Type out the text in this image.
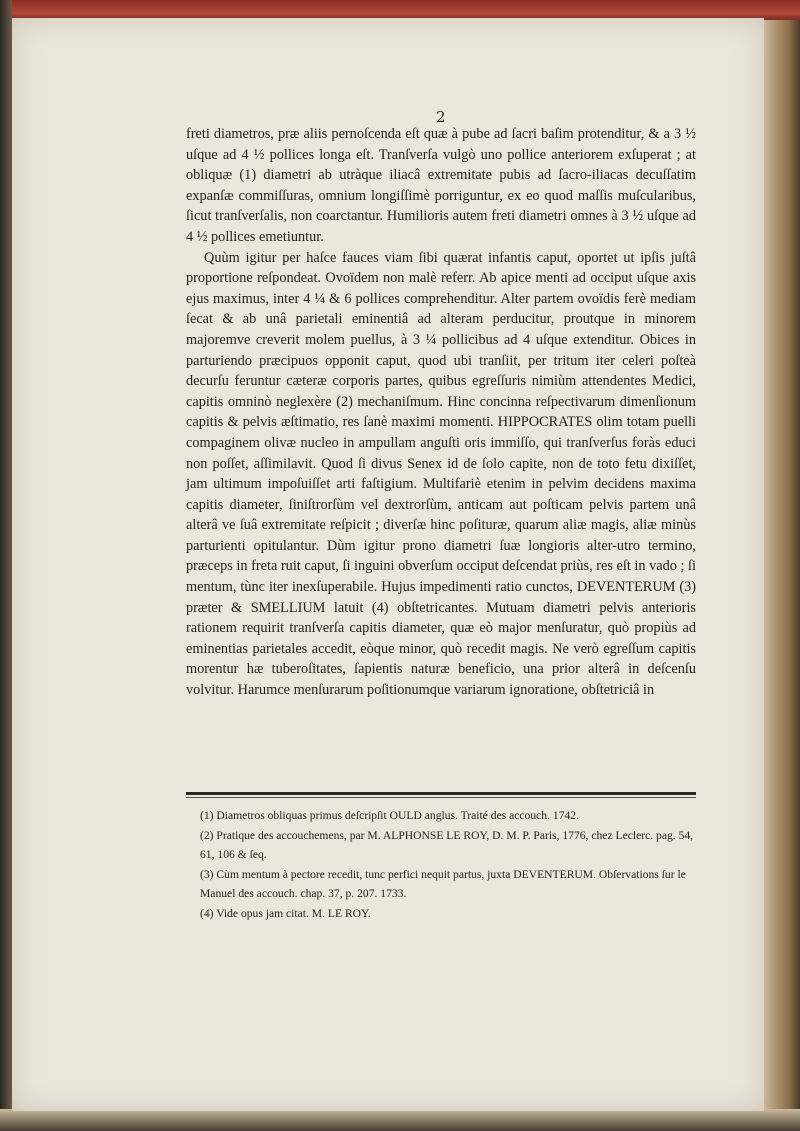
2

freti diametros, præ aliis pernoſcenda eſt quæ à pube ad ſacri baſim protenditur, & a 3 ½ uſque ad 4 ½ pollices longa eſt. Tranſverſa vulgò uno pollice anteriorem exſuperat ; at obliquæ (1) diametri ab utràque iliacâ extremitate pubis ad ſacro-iliacas decuſſatim expanſæ commiſſuras, omnium longiſſimè porriguntur, ex eo quod maſſis muſcularibus, ſicut tranſverſalis, non coarctantur. Humilioris autem freti diametri omnes à 3 ½ uſque ad 4 ½ pollices emetiuntur.

Quùm igitur per haſce fauces viam ſibi quærat infantis caput, oportet ut ipſis juſtâ proportione reſpondeat. Ovoïdem non malè referr. Ab apice menti ad occiput uſque axis ejus maximus, inter 4 ¼ & 6 pollices comprehenditur. Alter partem ovoïdis ferè mediam ſecat & ab unâ parietali eminentiâ ad alteram perducitur, proutque in minorem majoremve creverit molem puellus, à 3 ¼ pollicibus ad 4 uſque extenditur. Obices in parturiendo præcipuos opponit caput, quod ubi tranſiit, per tritum iter celeri poſteà decurſu feruntur cæteræ corporis partes, quibus egreſſuris nimiùm attendentes Medici, capitis omninò neglexère (2) mechaniſmum. Hinc concinna reſpectivarum dimenſionum capitis & pelvis æſtimatio, res ſanè maximi momenti. HIPPOCRATES olim totam puelli compaginem olivæ nucleo in ampullam anguſti oris immiſſo, qui tranſverſus foràs educi non poſſet, aſſimilavit. Quod ſi divus Senex id de ſolo capite, non de toto fetu dixiſſet, jam ultimum impoſuiſſet arti faſtigium. Multifariè etenim in pelvim decidens maxima capitis diameter, ſiniſtrorſùm vel dextrorſùm, anticam aut poſticam pelvis partem unâ alterâ ve ſuâ extremitate reſpicit ; diverſæ hinc poſituræ, quarum aliæ magis, aliæ minùs parturienti opitulantur. Dùm igitur prono diametri ſuæ longioris alter-utro termino, præceps in freta ruit caput, ſi inguini obverſum occiput deſcendat priùs, res eſt in vado ; ſi mentum, tùnc iter inexſuperabile. Hujus impedimenti ratio cunctos, DEVENTERUM (3) præter & SMELLIUM latuit (4) obſtetricantes. Mutuam diametri pelvis anterioris rationem requirit tranſverſa capitis diameter, quæ eò major menſuratur, quò propiùs ad eminentias parietales accedit, eòque minor, quò recedit magis. Ne verò egreſſum capitis morentur hæ tuberoſitates, ſapientis naturæ beneficio, una prior alterâ in deſcenſu volvitur. Harumce menſurarum poſitionumque variarum ignoratione, obſtetriciâ in

(1) Diametros obliquas primus deſcripſit OULD anglus. Traité des accouch. 1742.
(2) Pratique des accouchemens, par M. ALPHONSE LE ROY, D. M. P. Paris, 1776, chez Leclerc. pag. 54, 61, 106 & ſeq.
(3) Cùm mentum à pectore recedit, tunc perfici nequit partus, juxta DEVENTERUM. Obſervations ſur le Manuel des accouch. chap. 37, p. 207. 1733.
(4) Vide opus jam citat. M. LE ROY.
